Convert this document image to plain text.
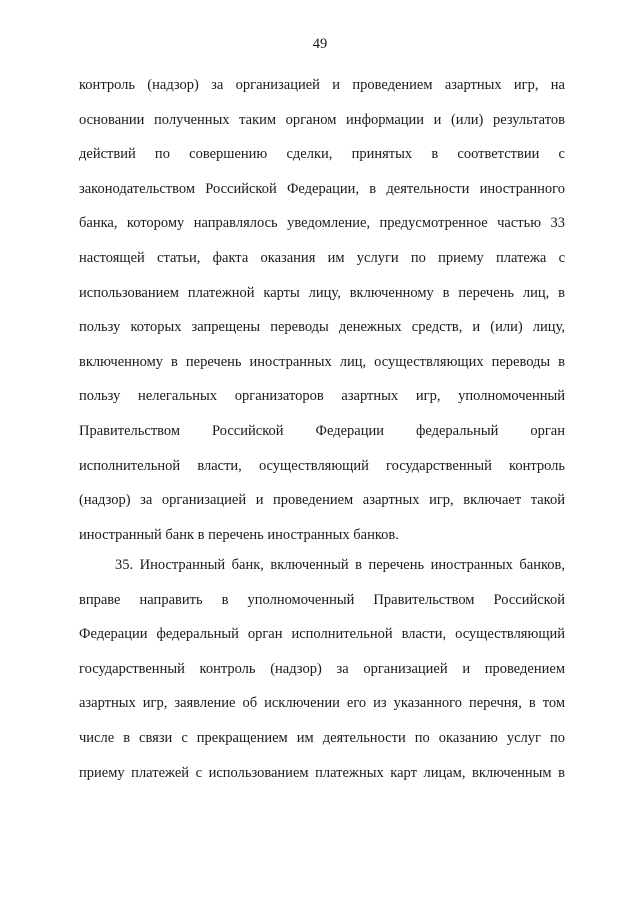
49
контроль (надзор) за организацией и проведением азартных игр, на
основании полученных таким органом информации и (или) результатов
действий по совершению сделки, принятых в соответствии с
законодательством Российской Федерации, в деятельности иностранного
банка, которому направлялось уведомление, предусмотренное частью 33
настоящей статьи, факта оказания им услуги по приему платежа с
использованием платежной карты лицу, включенному в перечень лиц, в
пользу которых запрещены переводы денежных средств, и (или) лицу,
включенному в перечень иностранных лиц, осуществляющих переводы в
пользу нелегальных организаторов азартных игр, уполномоченный
Правительством Российской Федерации федеральный орган
исполнительной власти, осуществляющий государственный контроль
(надзор) за организацией и проведением азартных игр, включает такой
иностранный банк в перечень иностранных банков.
35. Иностранный банк, включенный в перечень иностранных банков,
вправе направить в уполномоченный Правительством Российской
Федерации федеральный орган исполнительной власти, осуществляющий
государственный контроль (надзор) за организацией и проведением
азартных игр, заявление об исключении его из указанного перечня, в том
числе в связи с прекращением им деятельности по оказанию услуг по
приему платежей с использованием платежных карт лицам, включенным в
